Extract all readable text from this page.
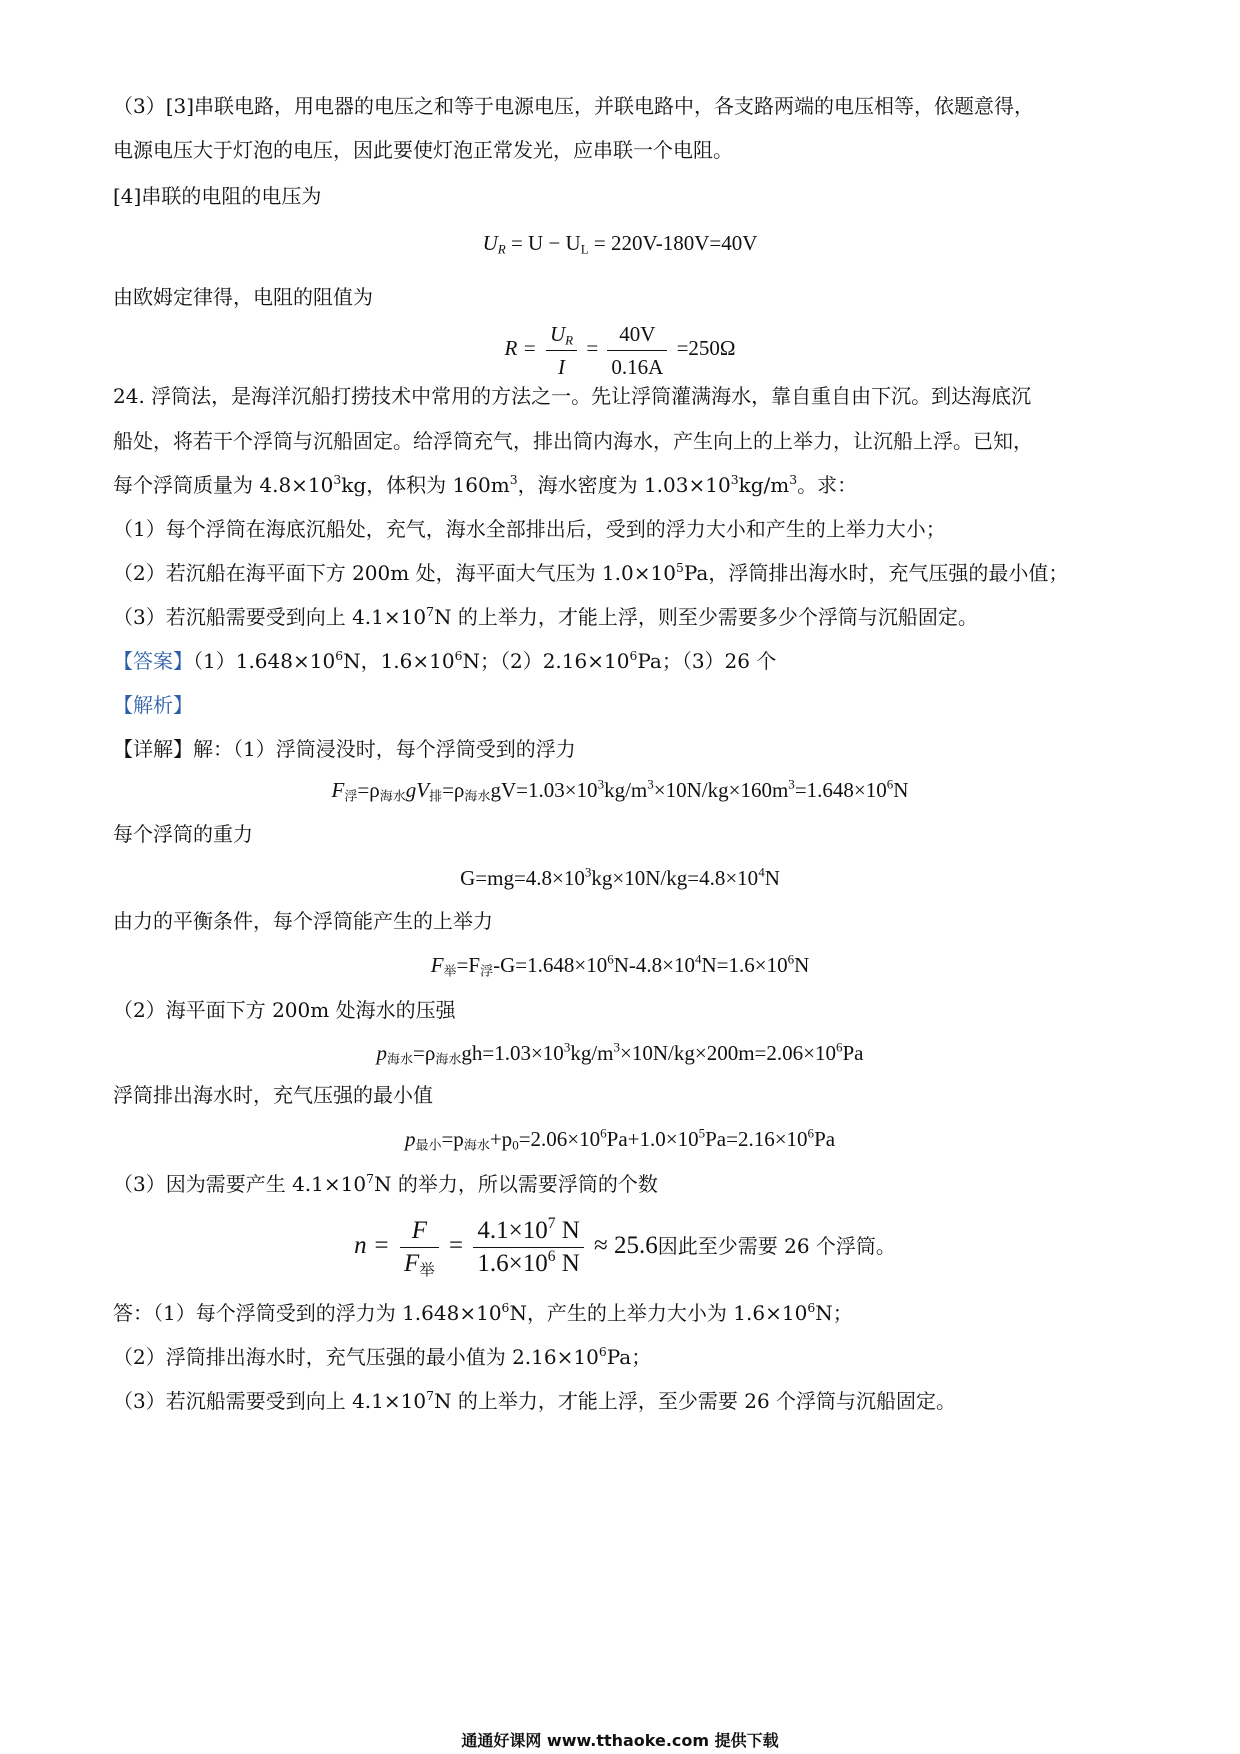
（3）[3]串联电路，用电器的电压之和等于电源电压，并联电路中，各支路两端的电压相等，依题意得，
电源电压大于灯泡的电压，因此要使灯泡正常发光，应串联一个电阻。
[4]串联的电阻的电压为
$U_R = U - U_L = 220V-180V=40V$
由欧姆定律得，电阻的阻值为
$R = \frac{U_R}{I} = \frac{40V}{0.16A} =250\Omega$
24. 浮筒法，是海洋沉船打捞技术中常用的方法之一。先让浮筒灌满海水，靠自重自由下沉。到达海底沉
船处，将若干个浮筒与沉船固定。给浮筒充气，排出筒内海水，产生向上的上举力，让沉船上浮。已知，
每个浮筒质量为 $4.8\times 10^3kg$，体积为 $160m^3$，海水密度为 $1.03\times 10^3kg/m^3$。求：
（1）每个浮筒在海底沉船处，充气，海水全部排出后，受到的浮力大小和产生的上举力大小；
（2）若沉船在海平面下方 200m 处，海平面大气压为 $1.0\times 10^5Pa$，浮筒排出海水时，充气压强的最小值；
（3）若沉船需要受到向上 $4.1\times 10^7N$ 的上举力，才能上浮，则至少需要多少个浮筒与沉船固定。
【答案】$(1)1.648\times 10^6N$，$1.6\times 10^6N$；$(2)2.16\times 10^6Pa$；（3）26 个
【解析】
【详解】解：（1）浮筒浸没时，每个浮筒受到的浮力
$F_浮=\rho_{海水}gV_排=\rho_{海水}gV=1.03\times 10^3kg/m^3\times 10N/kg\times 160m^3=1.648\times 10^6N$
每个浮筒的重力
$G=mg=4.8\times 10^3kg\times 10N/kg=4.8\times 10^4N$
由力的平衡条件，每个浮筒能产生的上举力
$F_举=F_浮-G=1.648\times 10^6N-4.8\times 10^4N=1.6\times 10^6N$
（2）海平面下方 200m 处海水的压强
$p_{海水}=\rho_{海水}gh=1.03\times 10^3kg/m^3\times 10N/kg\times 200m=2.06\times 10^6Pa$
浮筒排出海水时，充气压强的最小值
$p_{最小}=p_{海水}+p_0=2.06\times 10^6Pa+1.0\times 10^5Pa=2.16\times 10^6Pa$
（3）因为需要产生 $4.1\times 10^7N$ 的举力，所以需要浮筒的个数
$n = \frac{F}{F_举} = \frac{4.1\times 10^7 N}{1.6\times 10^6 N} \approx 25.6$因此至少需要 26 个浮筒。
答：（1）每个浮筒受到的浮力为 $1.648\times 10^6N$，产生的上举力大小为 $1.6\times 10^6N$；
（2）浮筒排出海水时，充气压强的最小值为 $2.16\times 10^6Pa$；
（3）若沉船需要受到向上 $4.1\times 10^7N$ 的上举力，才能上浮，至少需要 26 个浮筒与沉船固定。
通通好课网 www.tthaoke.com 提供下载
